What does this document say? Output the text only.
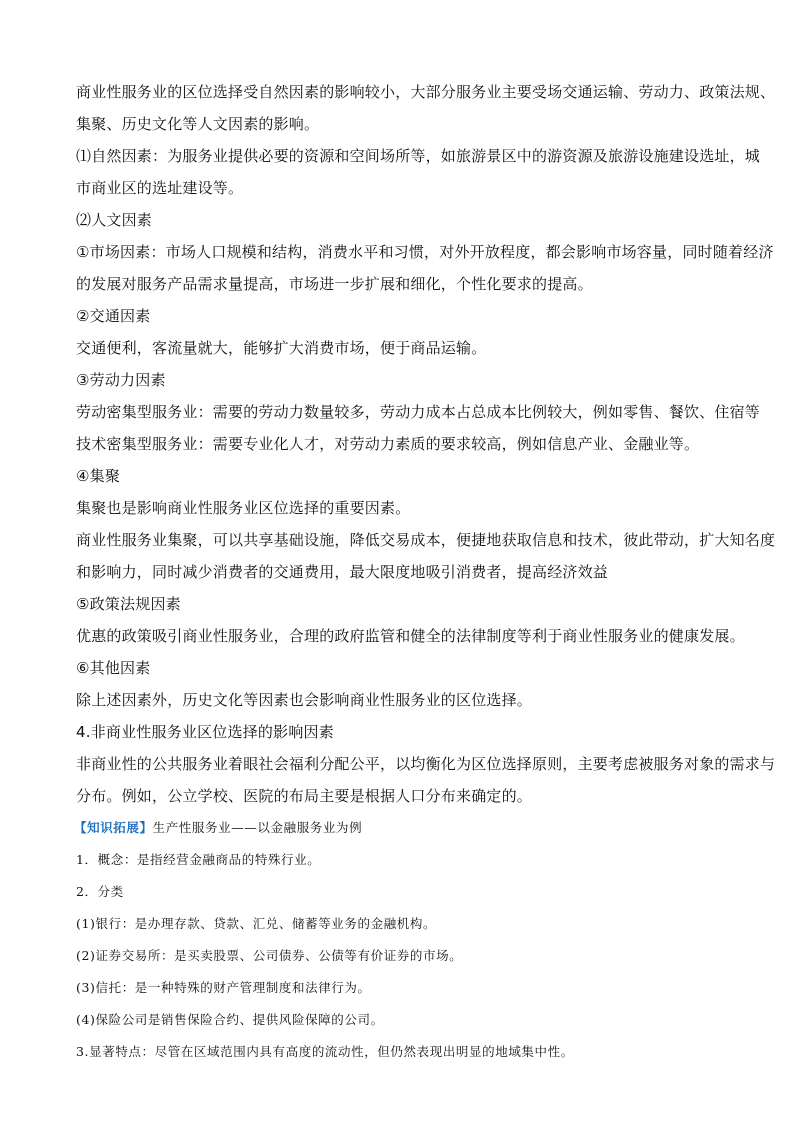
商业性服务业的区位选择受自然因素的影响较小，大部分服务业主要受场交通运输、劳动力、政策法规、
集聚、历史文化等人文因素的影响。
⑴自然因素：为服务业提供必要的资源和空间场所等，如旅游景区中的游资源及旅游设施建设选址，城
市商业区的选址建设等。
⑵人文因素
①市场因素：市场人口规模和结构，消费水平和习惯，对外开放程度，都会影响市场容量，同时随着经济
的发展对服务产品需求量提高，市场进一步扩展和细化，个性化要求的提高。
②交通因素
交通便利，客流量就大，能够扩大消费市场，便于商品运输。
③劳动力因素
劳动密集型服务业：需要的劳动力数量较多，劳动力成本占总成本比例较大，例如零售、餐饮、住宿等
技术密集型服务业：需要专业化人才，对劳动力素质的要求较高，例如信息产业、金融业等。
④集聚
集聚也是影响商业性服务业区位选择的重要因素。
商业性服务业集聚，可以共享基础设施，降低交易成本，便捷地获取信息和技术，彼此带动，扩大知名度
和影响力，同时减少消费者的交通费用，最大限度地吸引消费者，提高经济效益
⑤政策法规因素
优惠的政策吸引商业性服务业，合理的政府监管和健全的法律制度等利于商业性服务业的健康发展。
⑥其他因素
除上述因素外，历史文化等因素也会影响商业性服务业的区位选择。
4.非商业性服务业区位选择的影响因素
非商业性的公共服务业着眼社会福利分配公平，以均衡化为区位选择原则，主要考虑被服务对象的需求与
分布。例如，公立学校、医院的布局主要是根据人口分布来确定的。
【知识拓展】生产性服务业——以金融服务业为例
1．概念：是指经营金融商品的特殊行业。
2．分类
(1)银行：是办理存款、贷款、汇兑、储蓄等业务的金融机构。
(2)证券交易所：是买卖股票、公司债券、公债等有价证券的市场。
(3)信托：是一种特殊的财产管理制度和法律行为。
(4)保险公司是销售保险合约、提供风险保障的公司。
3.显著特点：尽管在区域范围内具有高度的流动性，但仍然表现出明显的地域集中性。
